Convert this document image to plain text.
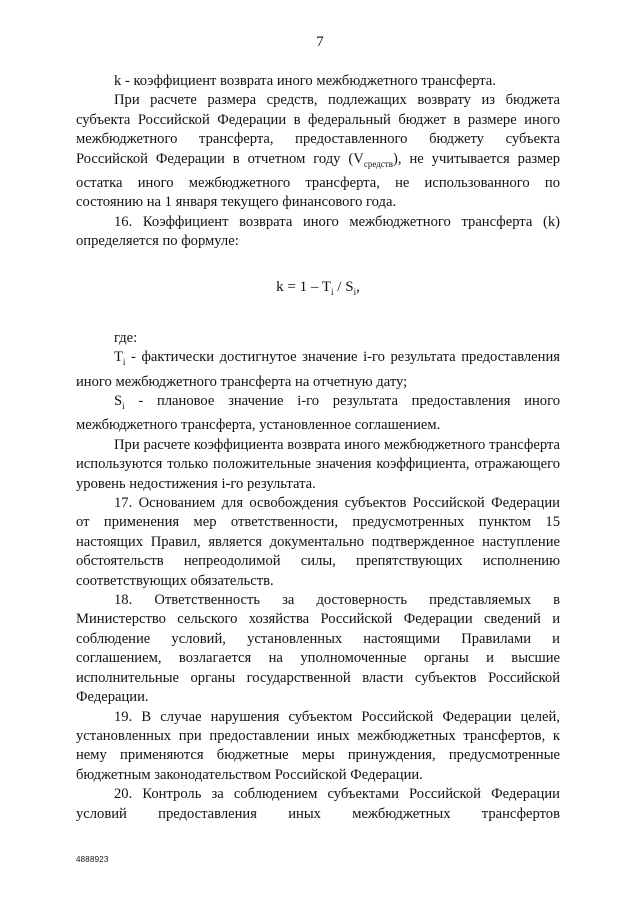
7

k - коэффициент возврата иного межбюджетного трансферта.

При расчете размера средств, подлежащих возврату из бюджета субъекта Российской Федерации в федеральный бюджет в размере иного межбюджетного трансферта, предоставленного бюджету субъекта Российской Федерации в отчетном году $(V_{средств})$, не учитывается размер остатка иного межбюджетного трансферта, не использованного по состоянию на 1 января текущего финансового года.

16. Коэффициент возврата иного межбюджетного трансферта (k) определяется по формуле:

$k = 1 - T_i / S_i$,

где:

$T_i$ - фактически достигнутое значение i-го результата предоставления иного межбюджетного трансферта на отчетную дату;

$S_i$ - плановое значение i-го результата предоставления иного межбюджетного трансферта, установленное соглашением.

При расчете коэффициента возврата иного межбюджетного трансферта используются только положительные значения коэффициента, отражающего уровень недостижения i-го результата.

17. Основанием для освобождения субъектов Российской Федерации от применения мер ответственности, предусмотренных пунктом 15 настоящих Правил, является документально подтвержденное наступление обстоятельств непреодолимой силы, препятствующих исполнению соответствующих обязательств.

18. Ответственность за достоверность представляемых в Министерство сельского хозяйства Российской Федерации сведений и соблюдение условий, установленных настоящими Правилами и соглашением, возлагается на уполномоченные органы и высшие исполнительные органы государственной власти субъектов Российской Федерации.

19. В случае нарушения субъектом Российской Федерации целей, установленных при предоставлении иных межбюджетных трансфертов, к нему применяются бюджетные меры принуждения, предусмотренные бюджетным законодательством Российской Федерации.

20. Контроль за соблюдением субъектами Российской Федерации условий предоставления иных межбюджетных трансфертов

4888923
